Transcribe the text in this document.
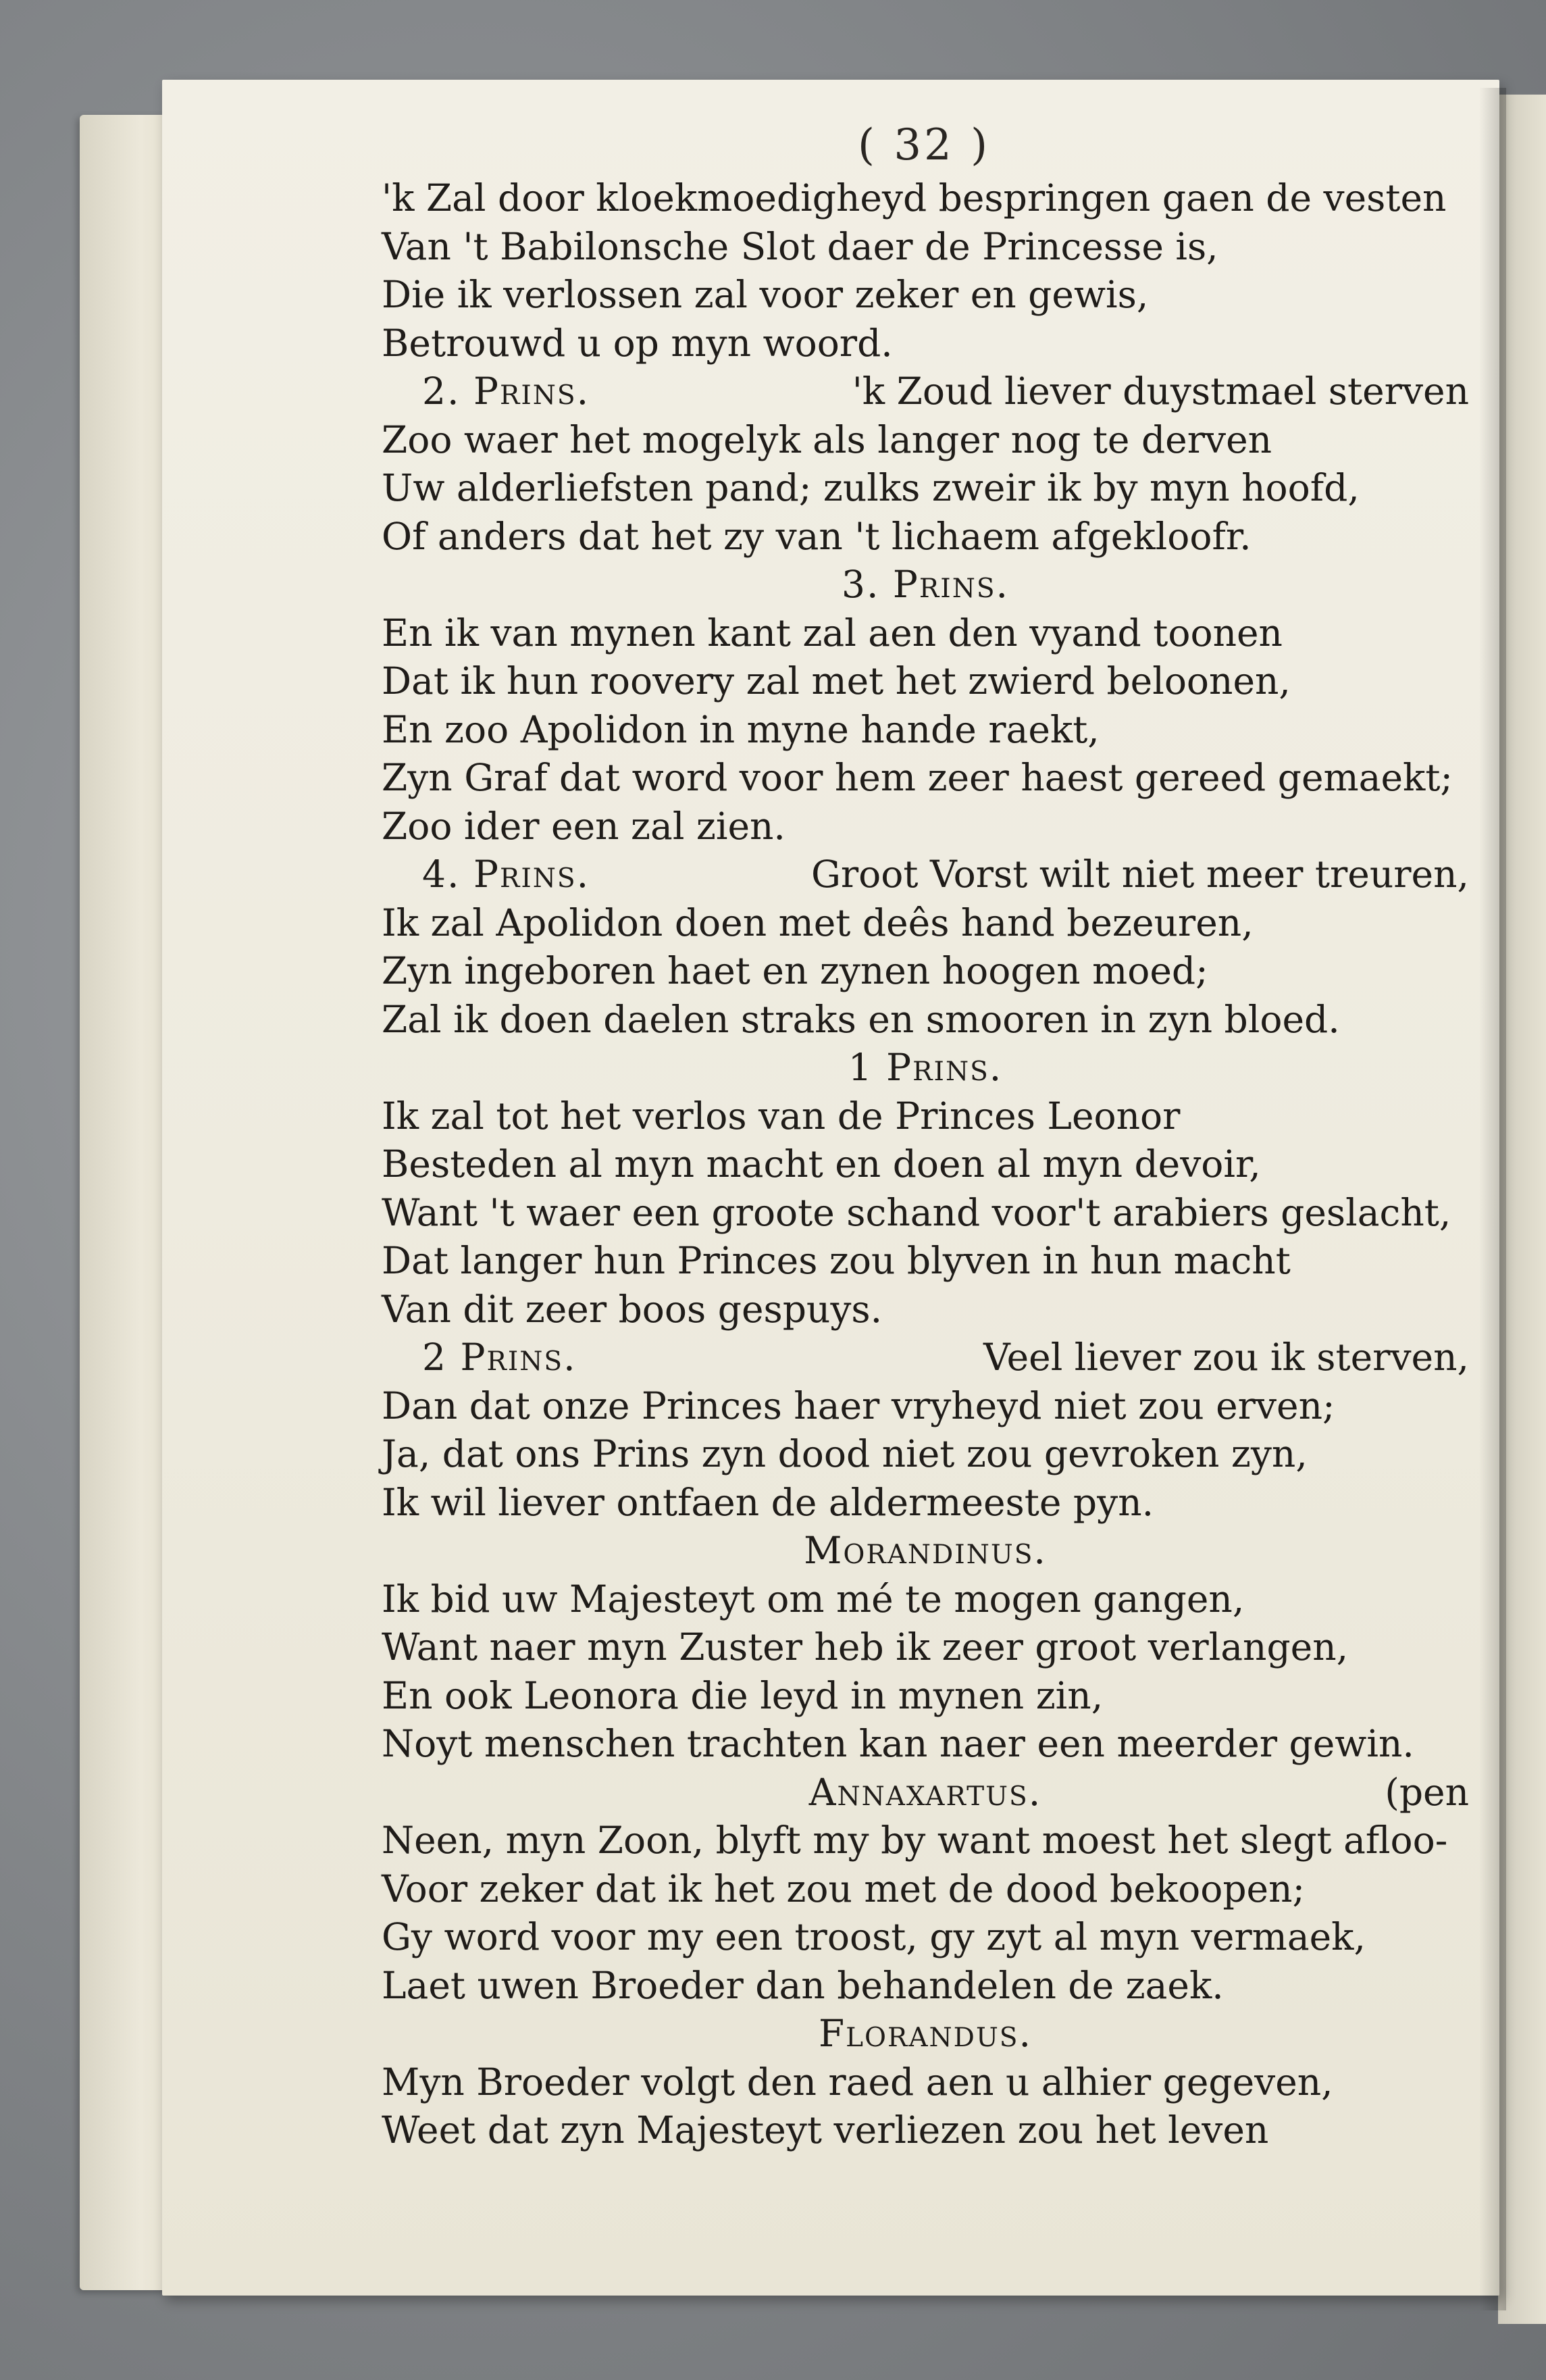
( 32 )
'k Zal door kloekmoedigheyd bespringen gaen de vesten
Van 't Babilonsche Slot daer de Princesse is,
Die ik verlossen zal voor zeker en gewis,
Betrouwd u op myn woord.
2. Prins.	'k Zoud liever duystmael sterven
Zoo waer het mogelyk als langer nog te derven
Uw alderliefsten pand; zulks zweir ik by myn hoofd,
Of anders dat het zy van 't lichaem afgekloofr.
3. Prins.
En ik van mynen kant zal aen den vyand toonen
Dat ik hun roovery zal met het zwierd beloonen,
En zoo Apolidon in myne hande raekt,
Zyn Graf dat word voor hem zeer haest gereed gemaekt;
Zoo ider een zal zien.
4. Prins.	Groot Vorst wilt niet meer treuren,
Ik zal Apolidon doen met deês hand bezeuren,
Zyn ingeboren haet en zynen hoogen moed;
Zal ik doen daelen straks en smooren in zyn bloed.
1 Prins.
Ik zal tot het verlos van de Princes Leonor
Besteden al myn macht en doen al myn devoir,
Want 't waer een groote schand voor't arabiers geslacht,
Dat langer hun Princes zou blyven in hun macht
Van dit zeer boos gespuys.
2 Prins.	Veel liever zou ik sterven,
Dan dat onze Princes haer vryheyd niet zou erven;
Ja, dat ons Prins zyn dood niet zou gevroken zyn,
Ik wil liever ontfaen de aldermeeste pyn.
Morandinus.
Ik bid uw Majesteyt om mé te mogen gangen,
Want naer myn Zuster heb ik zeer groot verlangen,
En ook Leonora die leyd in mynen zin,
Noyt menschen trachten kan naer een meerder gewin.
Annaxartus.	(pen
Neen, myn Zoon, blyft my by want moest het slegt afloo-
Voor zeker dat ik het zou met de dood bekoopen;
Gy word voor my een troost, gy zyt al myn vermaek,
Laet uwen Broeder dan behandelen de zaek.
Florandus.
Myn Broeder volgt den raed aen u alhier gegeven,
Weet dat zyn Majesteyt verliezen zou het leven
